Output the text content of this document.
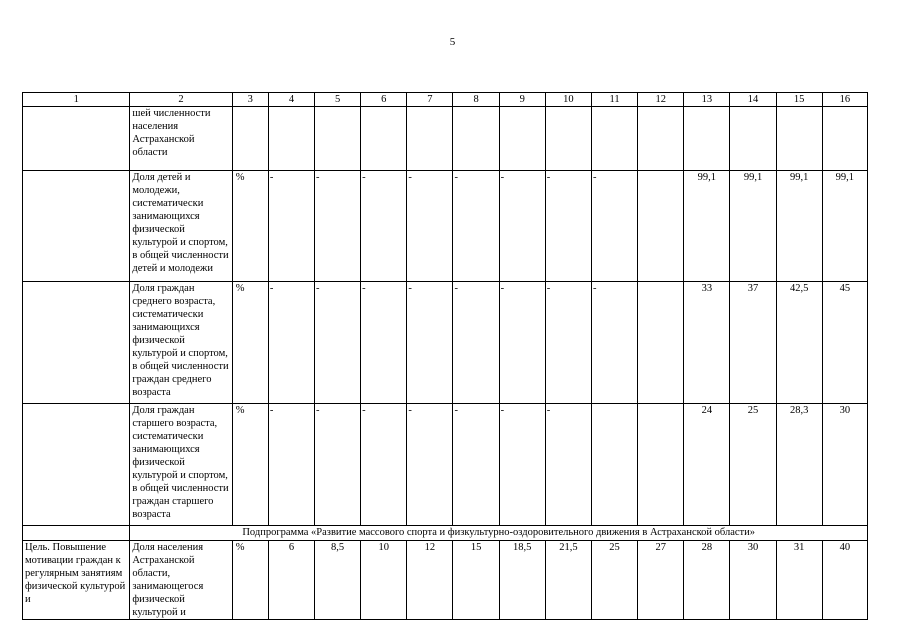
5
1	2	3	4	5	6	7	8	9	10	11	12	13	14	15	16
	шей численности населения Астраханской области														
	Доля детей и молодежи, систематически занимающихся физической культурой и спортом, в общей численности детей и молодежи	%	-	-	-	-	-	-	-	-		99,1	99,1	99,1	99,1
	Доля граждан среднего возраста, систематически занимающихся физической культурой и спортом, в общей численности граждан среднего возраста	%	-	-	-	-	-	-	-	-		33	37	42,5	45
	Доля граждан старшего возраста, систематически занимающихся физической культурой и спортом, в общей численности граждан старшего возраста	%	-	-	-	-	-	-	-			24	25	28,3	30
	Подпрограмма «Развитие массового спорта и физкультурно-оздоровительного движения в Астраханской области»														
Цель. Повышение мотивации граждан к регулярным занятиям физической культурой и	Доля населения Астраханской области, занимающегося физической культурой и	%	6	8,5	10	12	15	18,5	21,5	25	27	28	30	31	40
